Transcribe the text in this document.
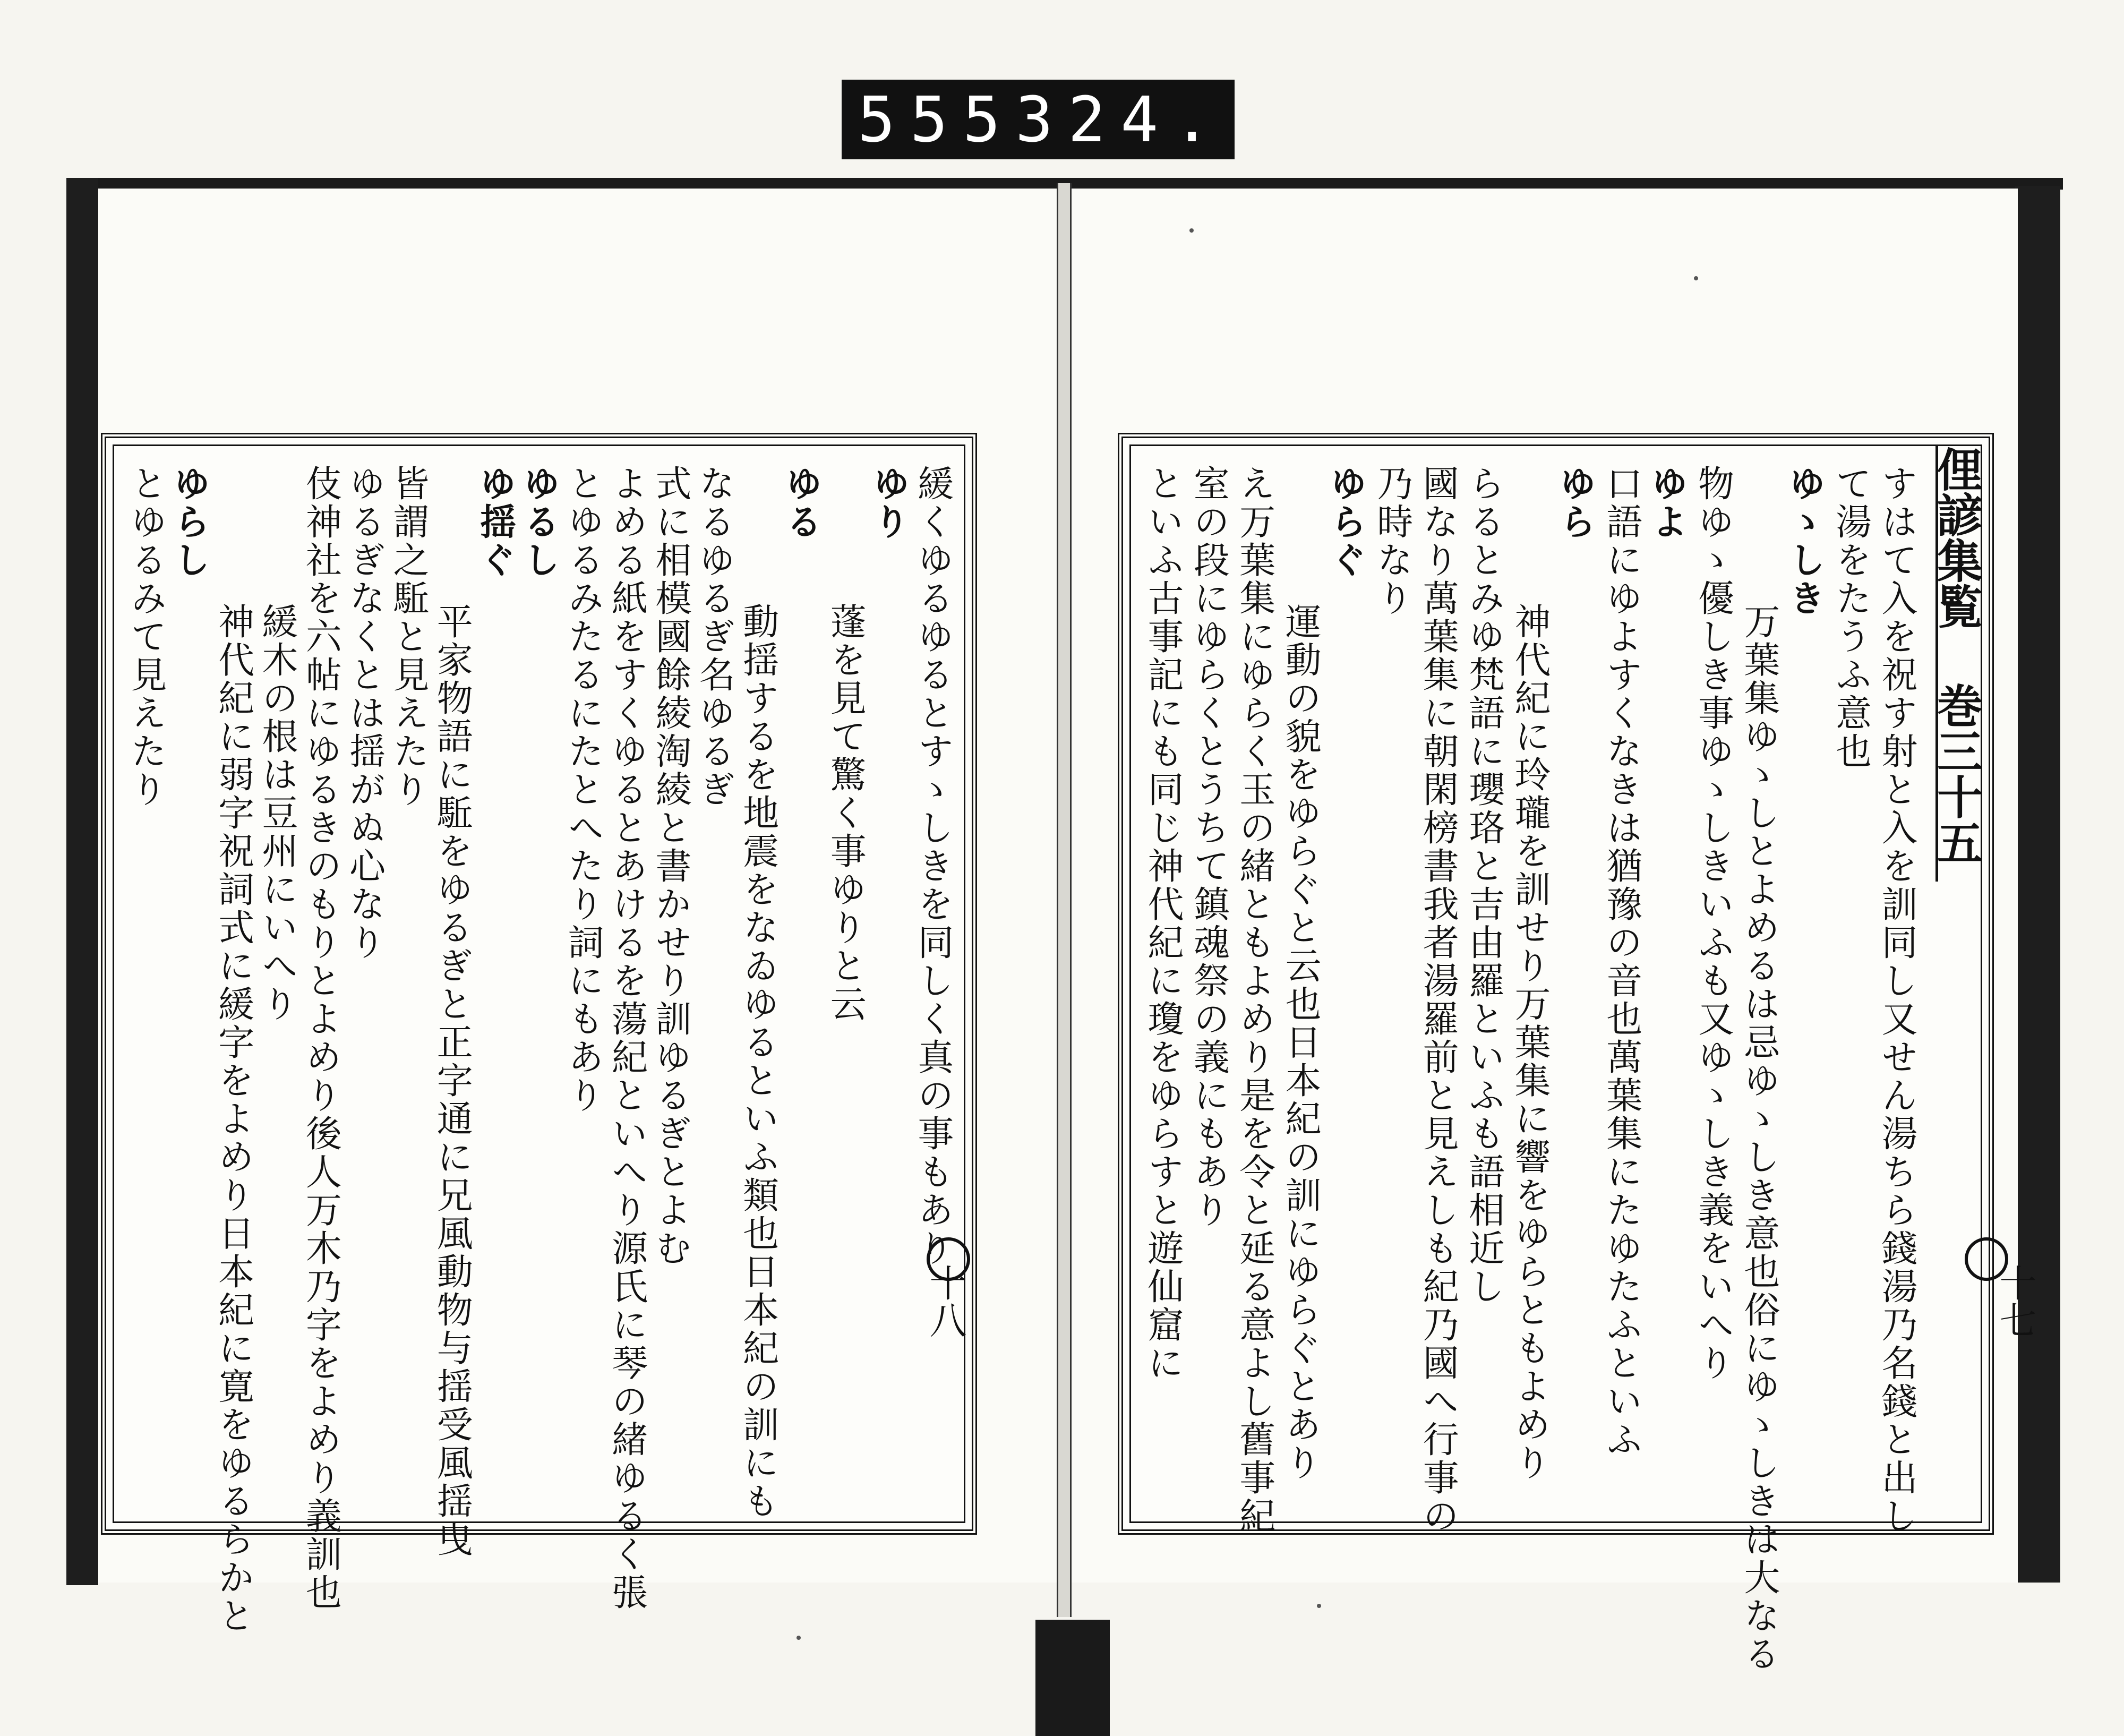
555 324.
緩くゆるゆるとすゝしきを同しく真の事もあり
ゆり
蓬を見て驚く事ゆりと云
ゆる
動揺するを地震をなゐゆるといふ類也日本紀の訓にも
なるゆるぎ名ゆるぎ
式に相模國餘綾淘綾と書かせり訓ゆるぎとよむ
よめる紙をすくゆるとあけるを蕩紀といへり源氏に琴の緒ゆるく張
とゆるみたるにたとへたり詞にもあり
ゆるし
ゆ揺ぐ
平家物語に駈をゆるぎと正字通に兄風動物与揺受風揺曳
皆謂之駈と見えたり
ゆるぎなくとは揺がぬ心なり
伎神社を六帖にゆるきのもりとよめり後人万木乃字をよめり義訓也
緩木の根は豆州にいへり
神代紀に弱字祝詞式に緩字をよめり日本紀に寛をゆるらかと
ゆらし
とゆるみて見えたり	すはて入を祝す射と入を訓同し又せん湯ちら錢湯乃名錢と出し
て湯をたうふ意也
ゆゝしき
万葉集ゆゝしとよめるは忌ゆゝしき意也俗にゆゝしきは大なる
物ゆゝ優しき事ゆゝしきいふも又ゆゝしき義をいへり
ゆよ
口語にゆよすくなきは猶豫の音也萬葉集にたゆたふといふ
ゆら
神代紀に玲瓏を訓せり万葉集に響をゆらともよめり
らるとみゆ梵語に瓔珞と吉由羅といふも語相近し
國なり萬葉集に朝閑榜書我者湯羅前と見えしも紀乃國へ行事の
乃時なり
ゆらぐ
運動の貌をゆらぐと云也日本紀の訓にゆらぐとあり
え万葉集にゆらく玉の緒ともよめり是を令と延る意よし舊事紀
室の段にゆらくとうちて鎮魂祭の義にもあり
といふ古事記にも同じ神代紀に瓊をゆらすと遊仙窟に	俚諺集覧 巻三十五
十八	十七
